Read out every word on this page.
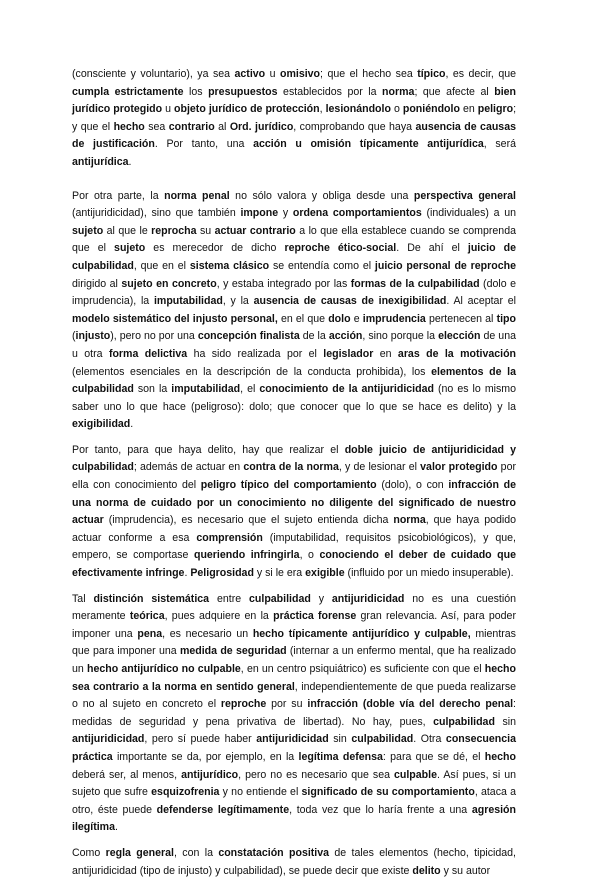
(consciente y voluntario), ya sea activo u omisivo; que el hecho sea típico, es decir, que cumpla estrictamente los presupuestos establecidos por la norma; que afecte al bien jurídico protegido u objeto jurídico de protección, lesionándolo o poniéndolo en peligro; y que el hecho sea contrario al Ord. jurídico, comprobando que haya ausencia de causas de justificación. Por tanto, una acción u omisión típicamente antijurídica, será antijurídica.

Por otra parte, la norma penal no sólo valora y obliga desde una perspectiva general (antijuridicidad), sino que también impone y ordena comportamientos (individuales) a un sujeto al que le reprocha su actuar contrario a lo que ella establece cuando se comprenda que el sujeto es merecedor de dicho reproche ético-social. De ahí el juicio de culpabilidad, que en el sistema clásico se entendía como el juicio personal de reproche dirigido al sujeto en concreto, y estaba integrado por las formas de la culpabilidad (dolo e imprudencia), la imputabilidad, y la ausencia de causas de inexigibilidad. Al aceptar el modelo sistemático del injusto personal, en el que dolo e imprudencia pertenecen al tipo (injusto), pero no por una concepción finalista de la acción, sino porque la elección de una u otra forma delictiva ha sido realizada por el legislador en aras de la motivación (elementos esenciales en la descripción de la conducta prohibida), los elementos de la culpabilidad son la imputabilidad, el conocimiento de la antijuridicidad (no es lo mismo saber uno lo que hace (peligroso): dolo; que conocer que lo que se hace es delito) y la exigibilidad.

Por tanto, para que haya delito, hay que realizar el doble juicio de antijuridicidad y culpabilidad; además de actuar en contra de la norma, y de lesionar el valor protegido por ella con conocimiento del peligro típico del comportamiento (dolo), o con infracción de una norma de cuidado por un conocimiento no diligente del significado de nuestro actuar (imprudencia), es necesario que el sujeto entienda dicha norma, que haya podido actuar conforme a esa comprensión (imputabilidad, requisitos psicobiológicos), y que, empero, se comportase queriendo infringirla, o conociendo el deber de cuidado que efectivamente infringe. Peligrosidad y si le era exigible (influido por un miedo insuperable).

Tal distinción sistemática entre culpabilidad y antijuridicidad no es una cuestión meramente teórica, pues adquiere en la práctica forense gran relevancia. Así, para poder imponer una pena, es necesario un hecho típicamente antijurídico y culpable, mientras que para imponer una medida de seguridad (internar a un enfermo mental, que ha realizado un hecho antijurídico no culpable, en un centro psiquiátrico) es suficiente con que el hecho sea contrario a la norma en sentido general, independientemente de que pueda realizarse o no al sujeto en concreto el reproche por su infracción (doble vía del derecho penal: medidas de seguridad y pena privativa de libertad). No hay, pues, culpabilidad sin antijuridicidad, pero sí puede haber antijuridicidad sin culpabilidad. Otra consecuencia práctica importante se da, por ejemplo, en la legítima defensa: para que se dé, el hecho deberá ser, al menos, antijurídico, pero no es necesario que sea culpable. Así pues, si un sujeto que sufre esquizofrenia y no entiende el significado de su comportamiento, ataca a otro, éste puede defenderse legítimamente, toda vez que lo haría frente a una agresión ilegítima.

Como regla general, con la constatación positiva de tales elementos (hecho, tipicidad, antijuridicidad (tipo de injusto) y culpabilidad), se puede decir que existe delito y su autor
